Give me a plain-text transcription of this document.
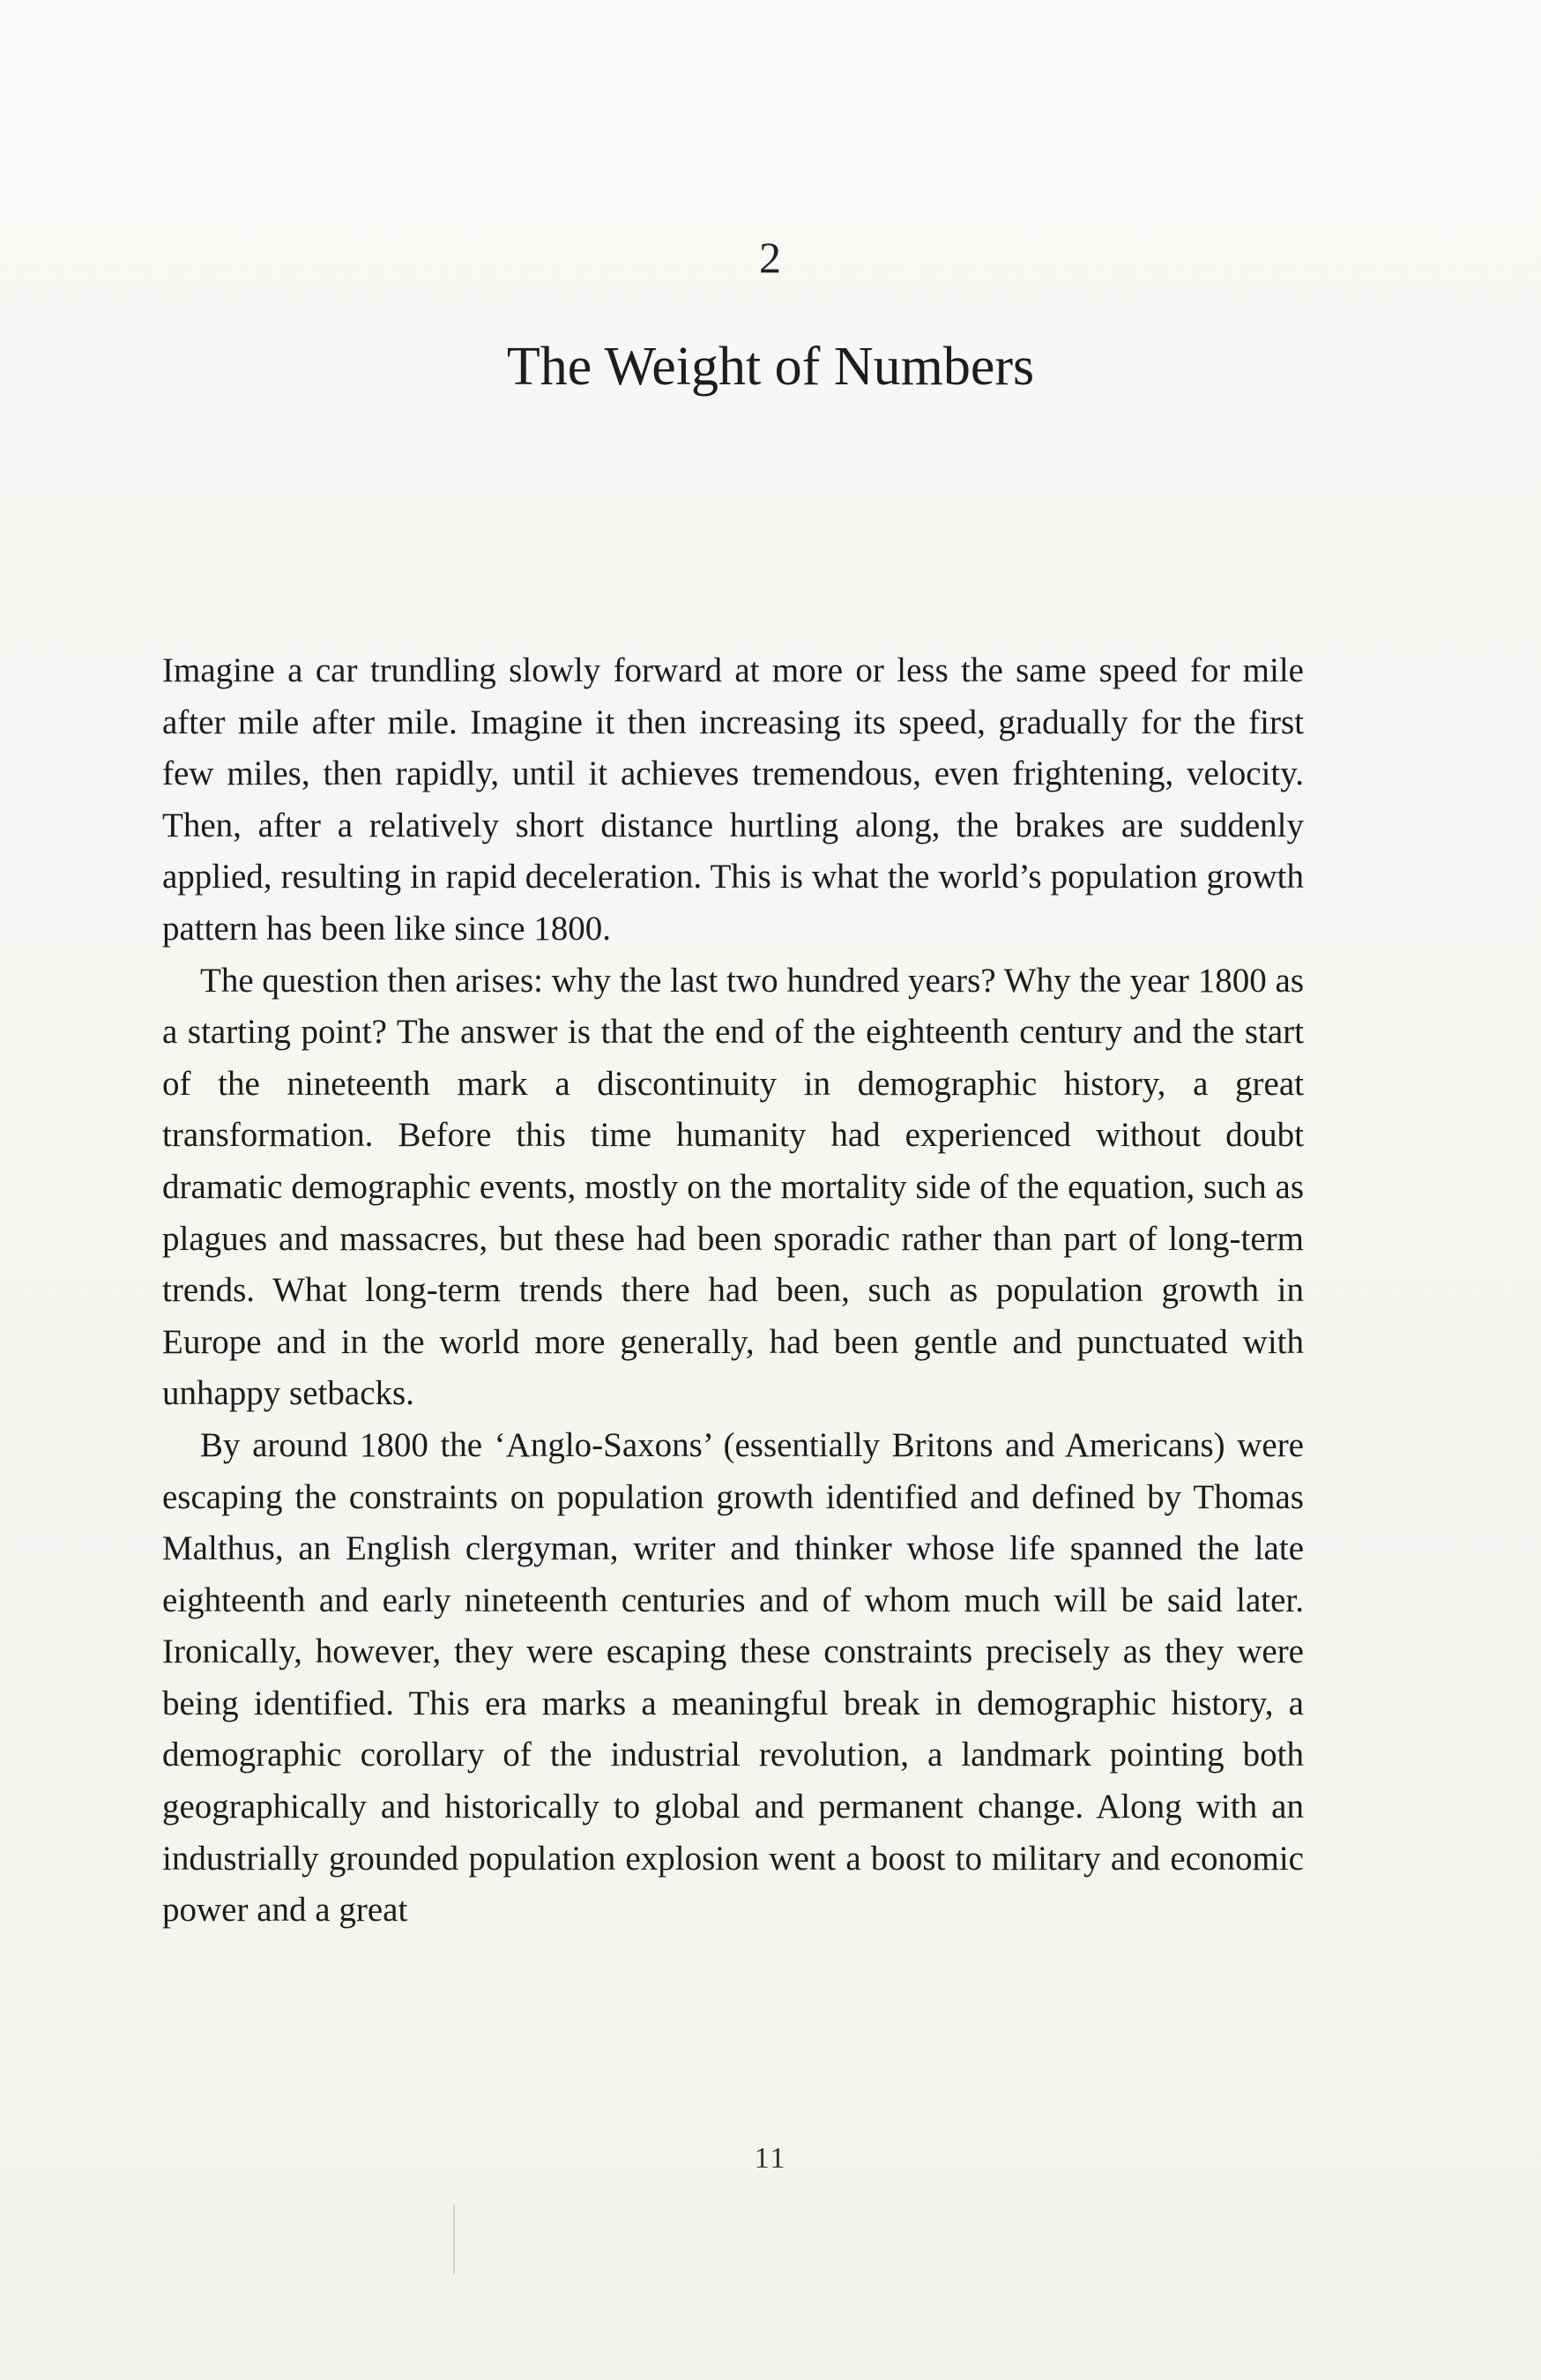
2
The Weight of Numbers

Imagine a car trundling slowly forward at more or less the same speed for mile after mile after mile. Imagine it then increasing its speed, gradually for the first few miles, then rapidly, until it achieves tremendous, even frightening, velocity. Then, after a relatively short distance hurtling along, the brakes are suddenly applied, resulting in rapid deceleration. This is what the world’s population growth pattern has been like since 1800.

The question then arises: why the last two hundred years? Why the year 1800 as a starting point? The answer is that the end of the eighteenth century and the start of the nineteenth mark a discontinuity in demographic history, a great transformation. Before this time humanity had experienced without doubt dramatic demographic events, mostly on the mortality side of the equation, such as plagues and massacres, but these had been sporadic rather than part of long-term trends. What long-term trends there had been, such as population growth in Europe and in the world more generally, had been gentle and punctuated with unhappy setbacks.

By around 1800 the ‘Anglo-Saxons’ (essentially Britons and Americans) were escaping the constraints on population growth identified and defined by Thomas Malthus, an English clergyman, writer and thinker whose life spanned the late eighteenth and early nineteenth centuries and of whom much will be said later. Ironically, however, they were escaping these constraints precisely as they were being identified. This era marks a meaningful break in demographic history, a demographic corollary of the industrial revolution, a landmark pointing both geographically and historically to global and permanent change. Along with an industrially grounded population explosion went a boost to military and economic power and a great

11
